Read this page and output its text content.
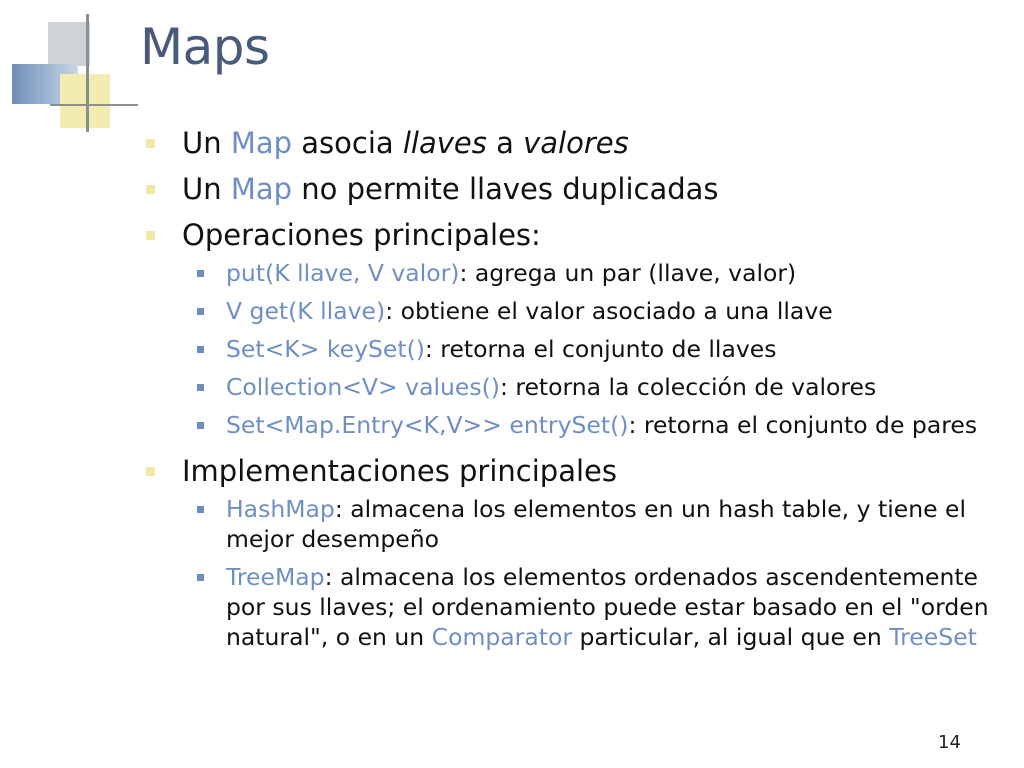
Maps
Un Map asocia llaves a valores
Un Map no permite llaves duplicadas
Operaciones principales:
put(K llave, V valor): agrega un par (llave, valor)
V get(K llave): obtiene el valor asociado a una llave
Set<K> keySet(): retorna el conjunto de llaves
Collection<V> values(): retorna la colección de valores
Set<Map.Entry<K,V>> entrySet(): retorna el conjunto de pares
Implementaciones principales
HashMap: almacena los elementos en un hash table, y tiene el mejor desempeño
TreeMap: almacena los elementos ordenados ascendentemente por sus llaves; el ordenamiento puede estar basado en el "orden natural", o en un Comparator particular, al igual que en TreeSet
14
